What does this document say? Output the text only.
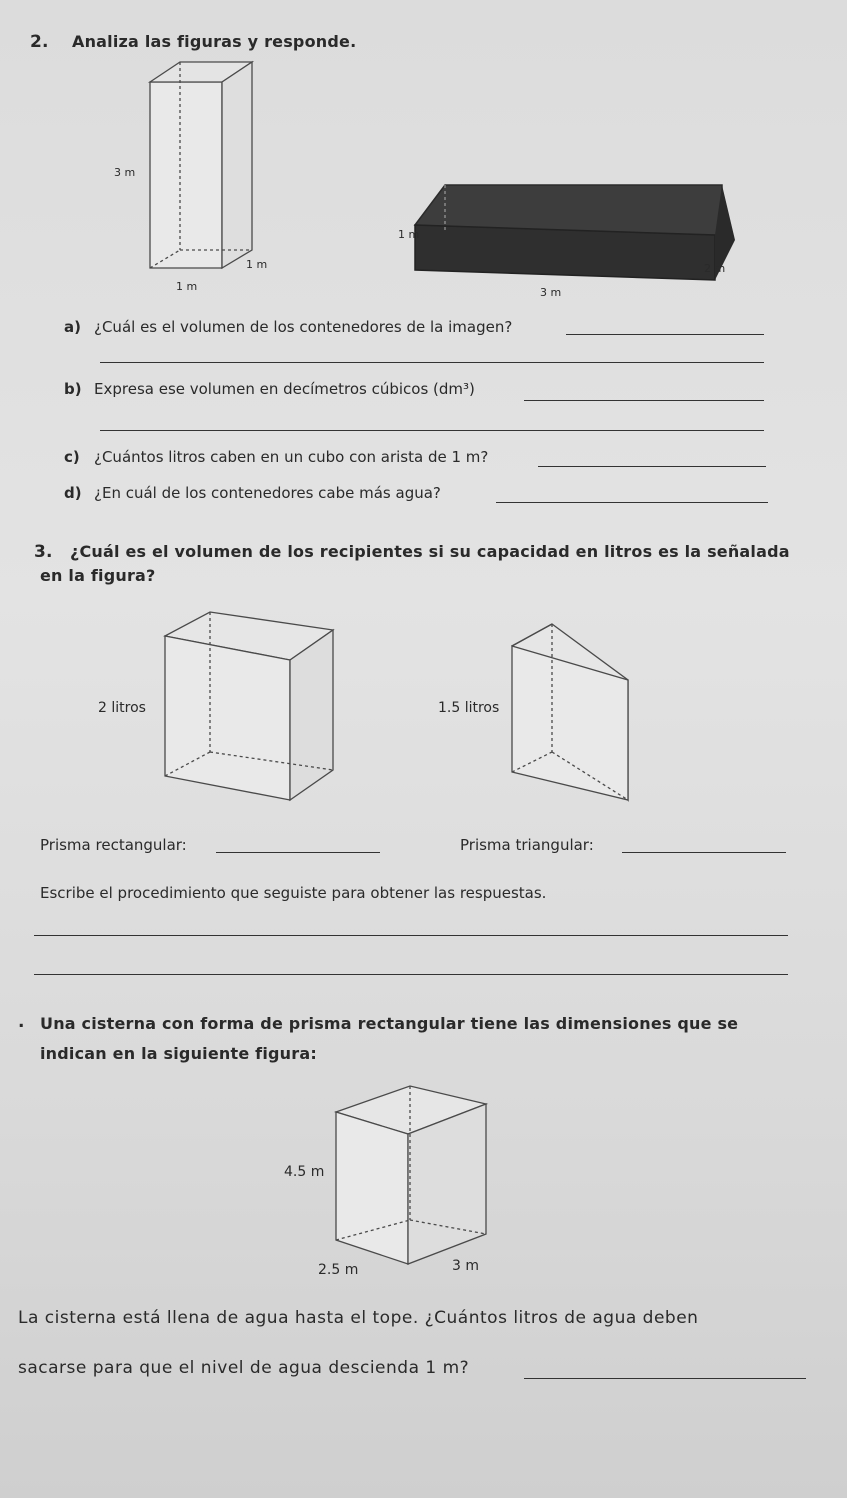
2. Analiza las figuras y responde.
3 m
1 m
1 m
1 m
2 m
3 m
a) ¿Cuál es el volumen de los contenedores de la imagen?
b) Expresa ese volumen en decímetros cúbicos (dm³)
c) ¿Cuántos litros caben en un cubo con arista de 1 m?
d) ¿En cuál de los contenedores cabe más agua?
3. ¿Cuál es el volumen de los recipientes si su capacidad en litros es la señalada
en la figura?
2 litros	1.5 litros
Prisma rectangular:	Prisma triangular:
Escribe el procedimiento que seguiste para obtener las respuestas.
. Una cisterna con forma de prisma rectangular tiene las dimensiones que se
indican en la siguiente figura:
4.5 m
2.5 m	3 m
La cisterna está llena de agua hasta el tope. ¿Cuántos litros de agua deben
sacarse para que el nivel de agua descienda 1 m?
